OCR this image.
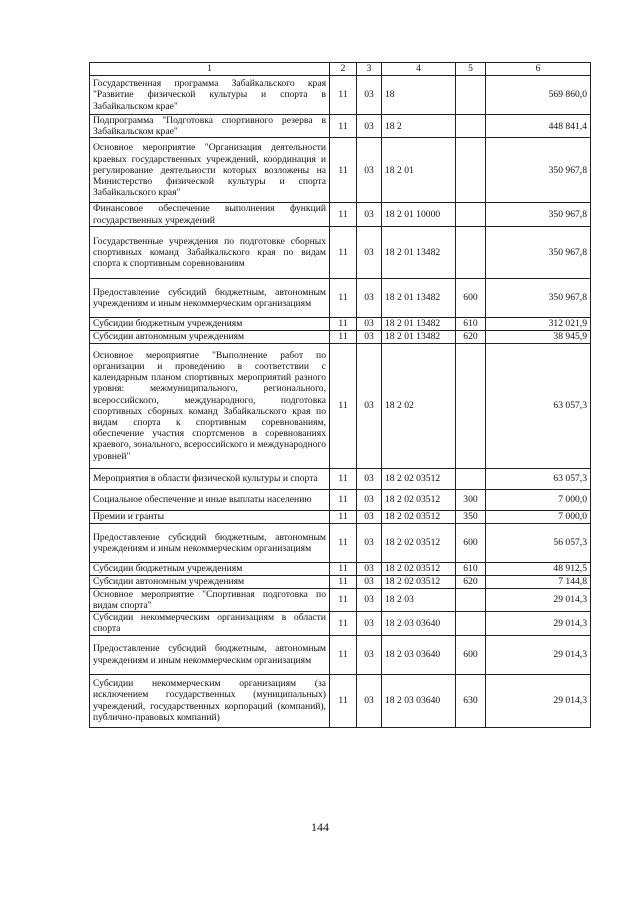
1	2	3	4	5	6
Государственная программа Забайкальского края "Развитие физической культуры и спорта в Забайкальском крае"	11	03	18		569 860,0
Подпрограмма "Подготовка спортивного резерва в Забайкальском крае"	11	03	18 2		448 841,4
Основное мероприятие "Организация деятельности краевых государственных учреждений, координация и регулирование деятельности которых возложены на Министерство физической культуры и спорта Забайкальского края"	11	03	18 2 01		350 967,8
Финансовое обеспечение выполнения функций государственных учреждений	11	03	18 2 01 10000		350 967,8
Государственные учреждения по подготовке сборных спортивных команд Забайкальского края по видам спорта к спортивным соревнованиям	11	03	18 2 01 13482		350 967,8
Предоставление субсидий бюджетным, автономным учреждениям и иным некоммерческим организациям	11	03	18 2 01 13482	600	350 967,8
Субсидии бюджетным учреждениям	11	03	18 2 01 13482	610	312 021,9
Субсидии автономным учреждениям	11	03	18 2 01 13482	620	38 945,9
Основное мероприятие "Выполнение работ по организации и проведению в соответствии с календарным планом спортивных мероприятий разного уровня: межмуниципального, регионального, всероссийского, международного, подготовка спортивных сборных команд Забайкальского края по видам спорта к спортивным соревнованиям, обеспечение участия спортсменов в соревнованиях краевого, зонального, всероссийского и международного уровней"	11	03	18 2 02		63 057,3
Мероприятия в области физической культуры и спорта	11	03	18 2 02 03512		63 057,3
Социальное обеспечение и иные выплаты населению	11	03	18 2 02 03512	300	7 000,0
Премии и гранты	11	03	18 2 02 03512	350	7 000,0
Предоставление субсидий бюджетным, автономным учреждениям и иным некоммерческим организациям	11	03	18 2 02 03512	600	56 057,3
Субсидии бюджетным учреждениям	11	03	18 2 02 03512	610	48 912,5
Субсидии автономным учреждениям	11	03	18 2 02 03512	620	7 144,8
Основное мероприятие "Спортивная подготовка по видам спорта"	11	03	18 2 03		29 014,3
Субсидии некоммерческим организациям в области спорта	11	03	18 2 03 03640		29 014,3
Предоставление субсидий бюджетным, автономным учреждениям и иным некоммерческим организациям	11	03	18 2 03 03640	600	29 014,3
Субсидии некоммерческим организациям (за исключением государственных (муниципальных) учреждений, государственных корпораций (компаний), публично-правовых компаний)	11	03	18 2 03 03640	630	29 014,3
144
